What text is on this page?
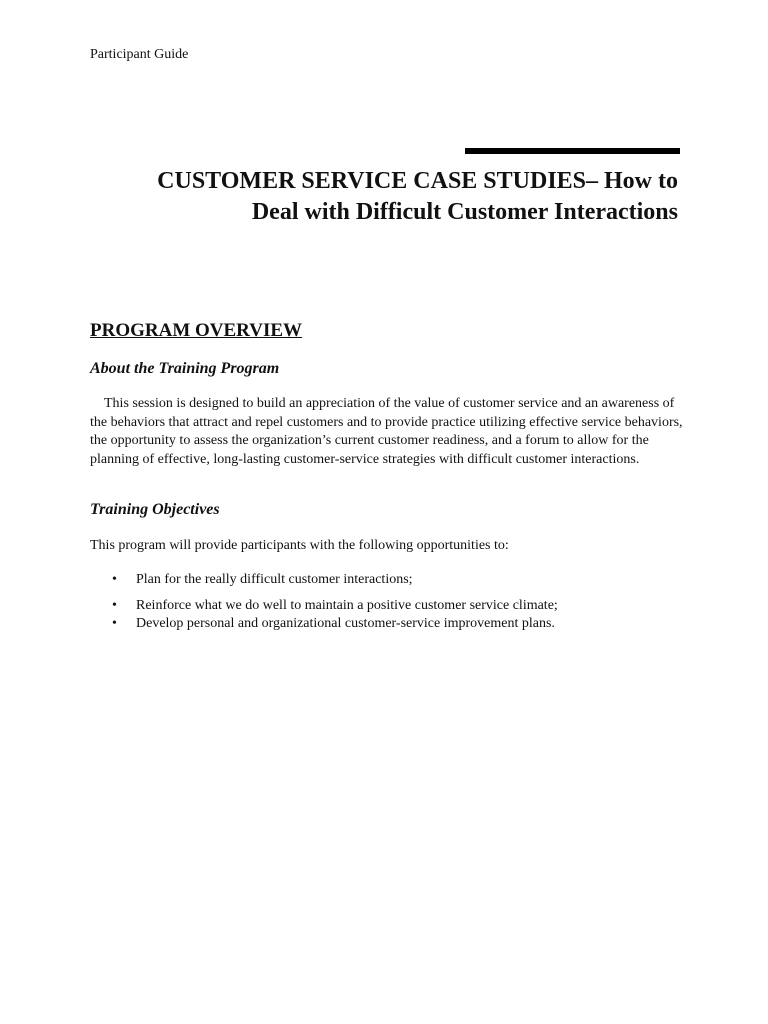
Participant Guide
CUSTOMER SERVICE CASE STUDIES– How to
Deal with Difficult Customer Interactions
PROGRAM OVERVIEW
About the Training Program

This session is designed to build an appreciation of the value of customer service and an awareness of the behaviors that attract and repel customers and to provide practice utilizing effective service behaviors, the opportunity to assess the organization’s current customer readiness, and a forum to allow for the planning of effective, long-lasting customer-service strategies with difficult customer interactions.

Training Objectives

This program will provide participants with the following opportunities to:

• Plan for the really difficult customer interactions;
• Reinforce what we do well to maintain a positive customer service climate;
• Develop personal and organizational customer-service improvement plans.
